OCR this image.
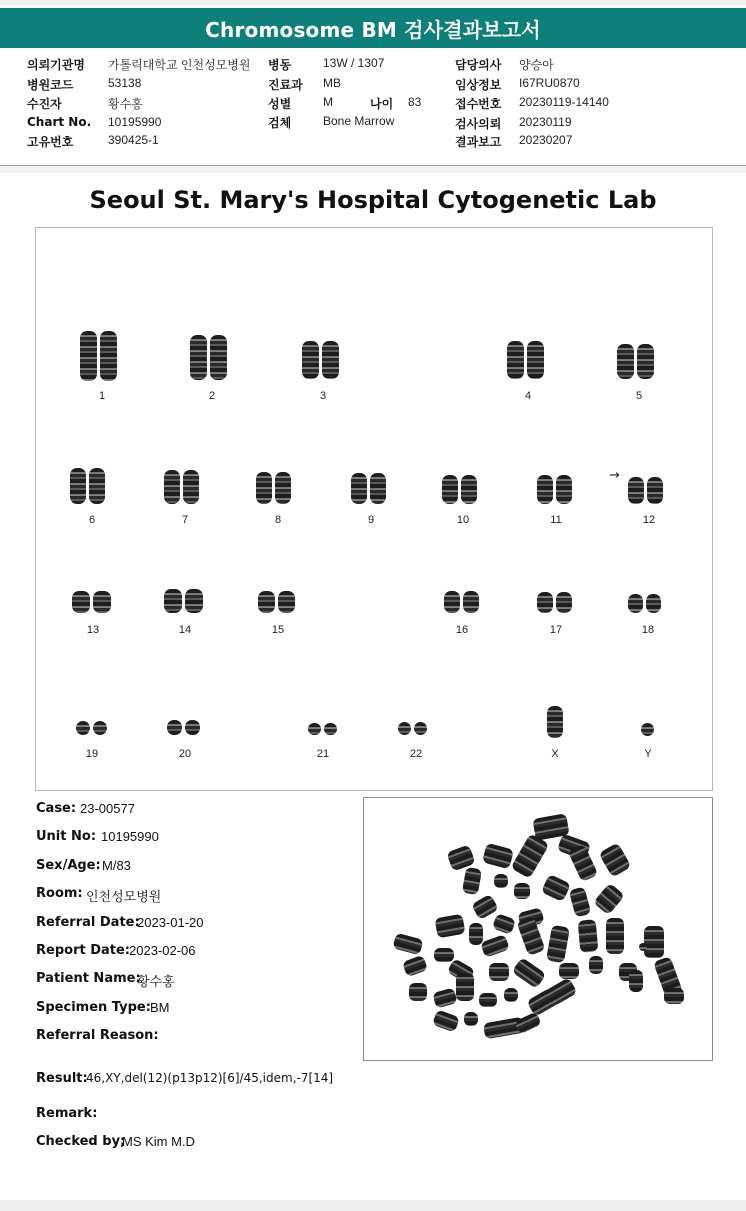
Chromosome BM 검사결과보고서
의뢰기관명 가톨릭대학교 인천성모병원
병원코드	53138
수진자	황수홍
Chart No. 10195990
고유번호	390425-1
병동	13W / 1307
진료과 MB
성별	M	나이 83
검체	Bone Marrow
담당의사 양승아
임상정보 I67RU0870
접수번호 20230119-14140
검사의뢰 20230119
결과보고 20230207
Seoul St. Mary's Hospital Cytogenetic Lab
1	2	3	4	5
6	7	8	9	10	11
→
12
13	14	15	16	17	18
19	20	21	22	X	Y
Case: 23-00577
Unit No: 10195990
Sex/Age: M/83
Room: 인천성모병원
Referral Date:
2023-01-20
Report Date:
2023-02-06
Patient Name:
황수홍
Specimen Type: BM
Referral Reason:
Result:
46,XY,del(12)(p13p12)[6]/45,idem,-7[14]
Remark:
Checked by;
MS Kim M.D
